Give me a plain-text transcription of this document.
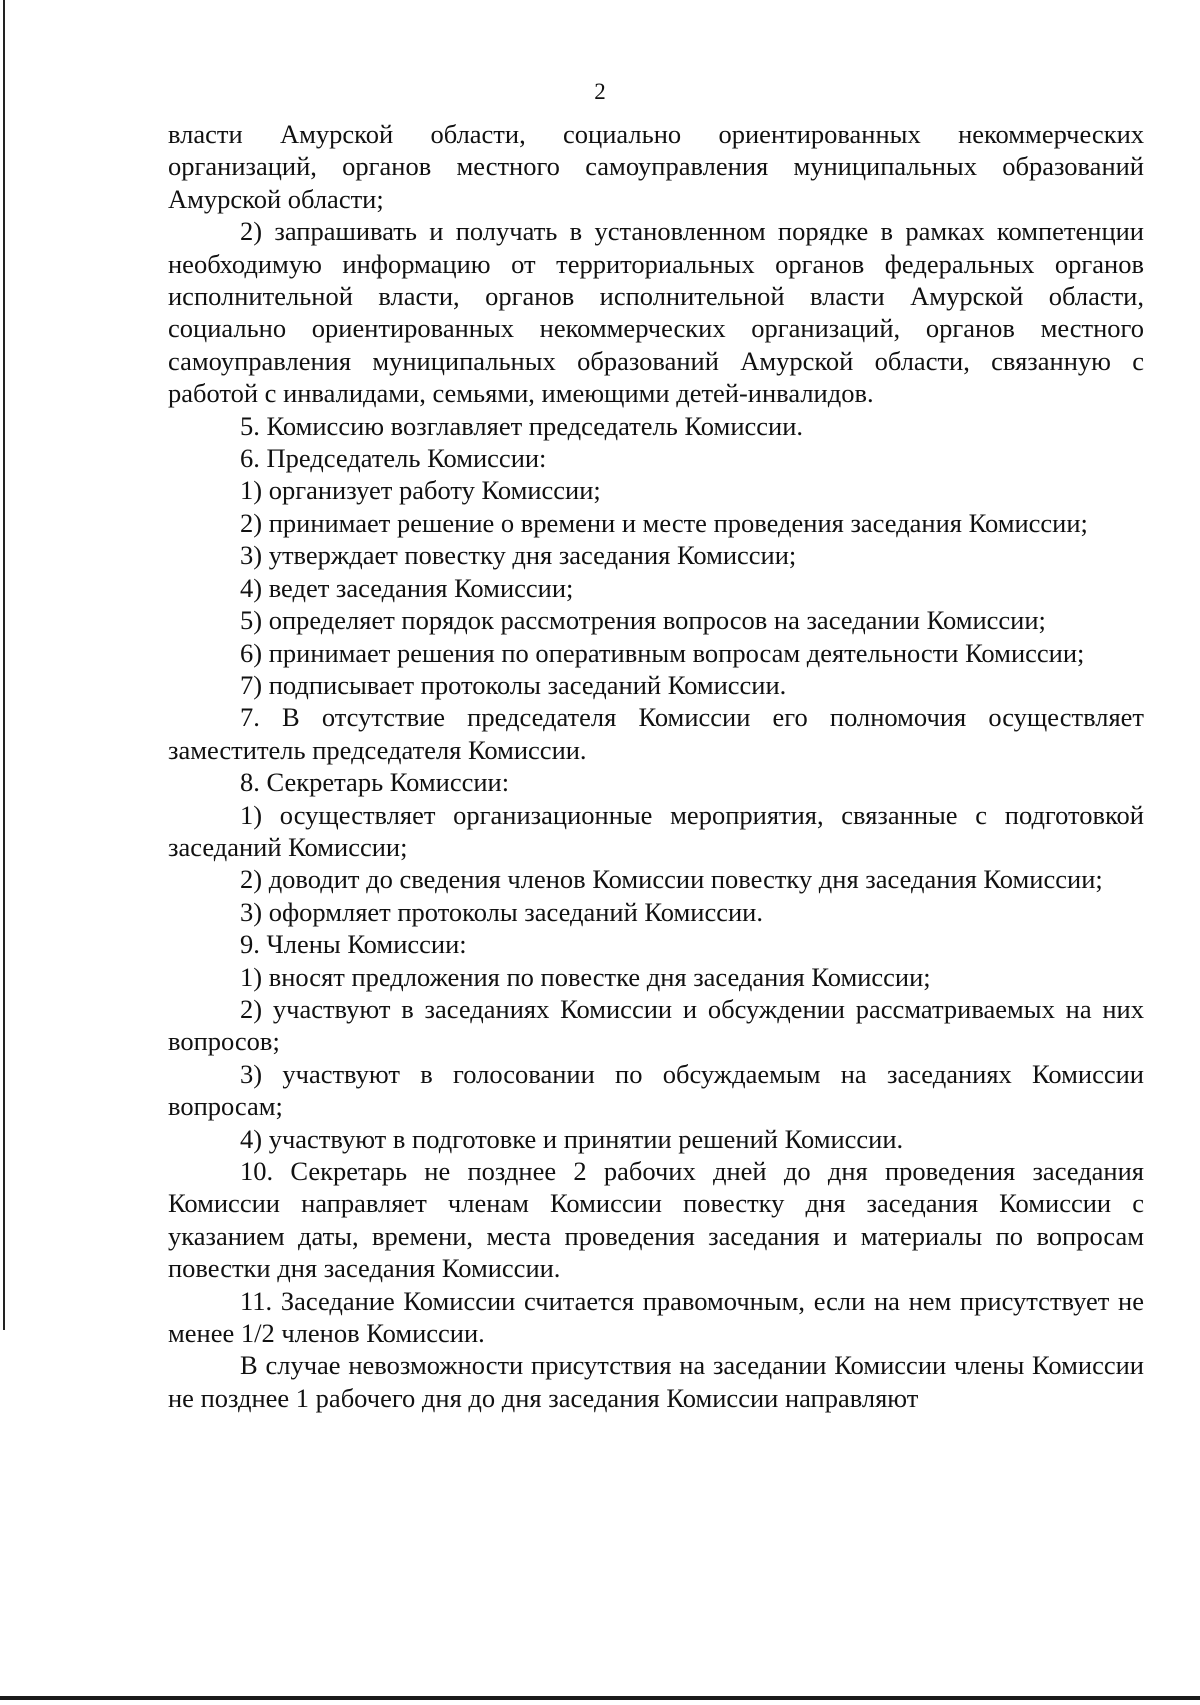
2

власти Амурской области, социально ориентированных некоммерческих организаций, органов местного самоуправления муниципальных образований Амурской области;

2) запрашивать и получать в установленном порядке в рамках компетенции необходимую информацию от территориальных органов федеральных органов исполнительной власти, органов исполнительной власти Амурской области, социально ориентированных некоммерческих организаций, органов местного самоуправления муниципальных образований Амурской области, связанную с работой с инвалидами, семьями, имеющими детей-инвалидов.

5. Комиссию возглавляет председатель Комиссии.

6. Председатель Комиссии:

1) организует работу Комиссии;

2) принимает решение о времени и месте проведения заседания Комиссии;

3) утверждает повестку дня заседания Комиссии;

4) ведет заседания Комиссии;

5) определяет порядок рассмотрения вопросов на заседании Комиссии;

6) принимает решения по оперативным вопросам деятельности Комиссии;

7) подписывает протоколы заседаний Комиссии.

7. В отсутствие председателя Комиссии его полномочия осуществляет заместитель председателя Комиссии.

8. Секретарь Комиссии:

1) осуществляет организационные мероприятия, связанные с подготовкой заседаний Комиссии;

2) доводит до сведения членов Комиссии повестку дня заседания Комиссии;

3) оформляет протоколы заседаний Комиссии.

9. Члены Комиссии:

1) вносят предложения по повестке дня заседания Комиссии;

2) участвуют в заседаниях Комиссии и обсуждении рассматриваемых на них вопросов;

3) участвуют в голосовании по обсуждаемым на заседаниях Комиссии вопросам;

4) участвуют в подготовке и принятии решений Комиссии.

10. Секретарь не позднее 2 рабочих дней до дня проведения заседания Комиссии направляет членам Комиссии повестку дня заседания Комиссии с указанием даты, времени, места проведения заседания и материалы по вопросам повестки дня заседания Комиссии.

11. Заседание Комиссии считается правомочным, если на нем присутствует не менее 1/2 членов Комиссии.

В случае невозможности присутствия на заседании Комиссии члены Комиссии не позднее 1 рабочего дня до дня заседания Комиссии направляют
